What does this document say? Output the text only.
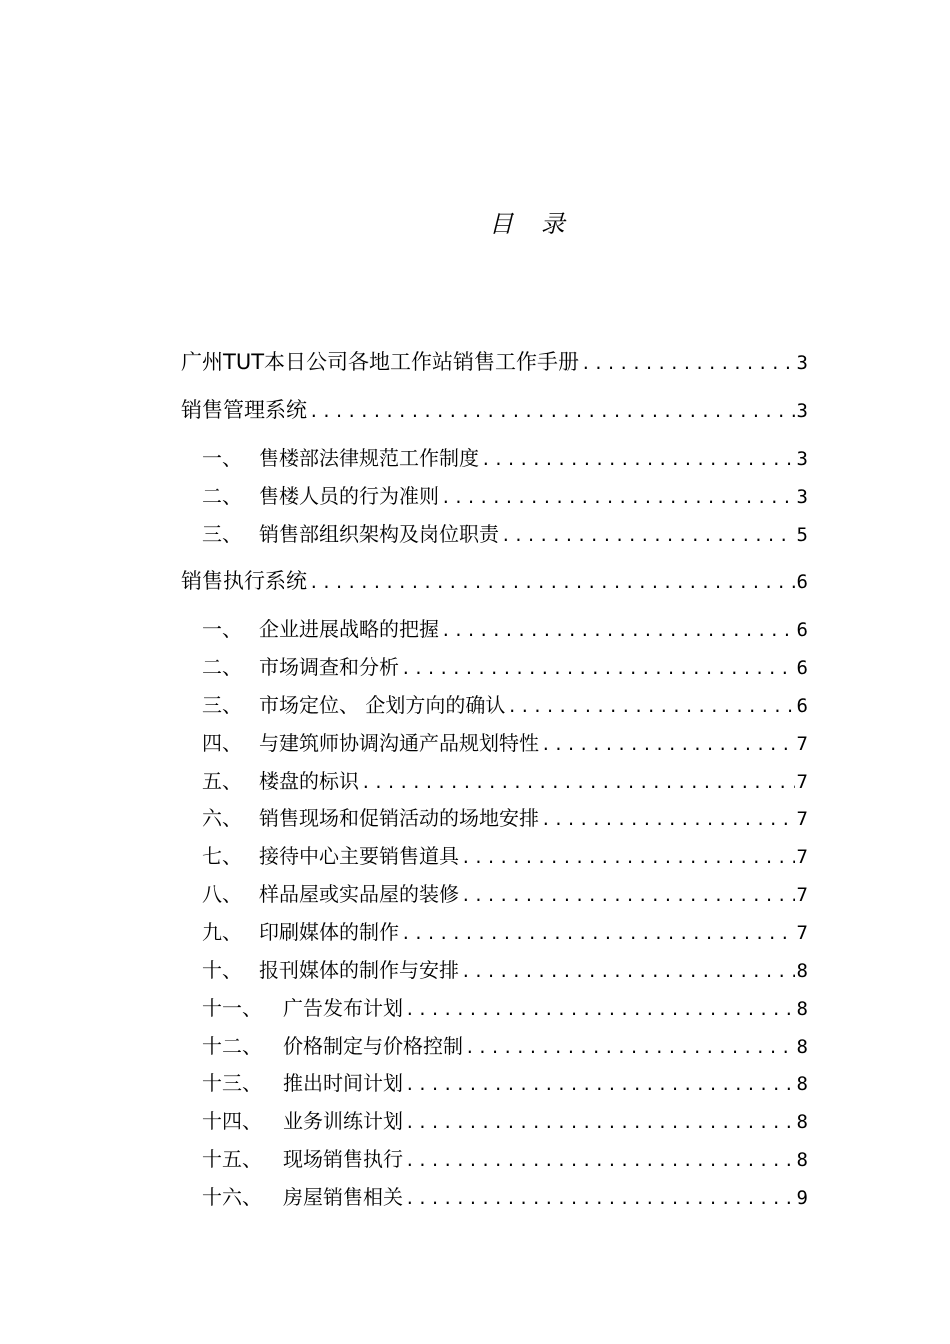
目 录
广州TUT本日公司各地工作站销售工作手册 .....	3
销售管理系统 .....	3
一、 售楼部法律规范工作制度 .....	3
二、 售楼人员的行为准则 .....	3
三、 销售部组织架构及岗位职责 .....	5
销售执行系统 .....	6
一、 企业进展战略的把握 .....	6
二、 市场调查和分析 .....	6
三、 市场定位、 企划方向的确认 .....	6
四、 与建筑师协调沟通产品规划特性 .....	7
五、 楼盘的标识 .....	7
六、 销售现场和促销活动的场地安排 .....	7
七、 接待中心主要销售道具 .....	7
八、 样品屋或实品屋的装修 .....	7
九、 印刷媒体的制作 .....	7
十、 报刊媒体的制作与安排 .....	8
十一、	广告发布计划 .....	8
十二、	价格制定与价格控制 .....	8
十三、	推出时间计划 .....	8
十四、	业务训练计划 .....	8
十五、	现场销售执行 .....	8
十六、	房屋销售相关 .....	9
